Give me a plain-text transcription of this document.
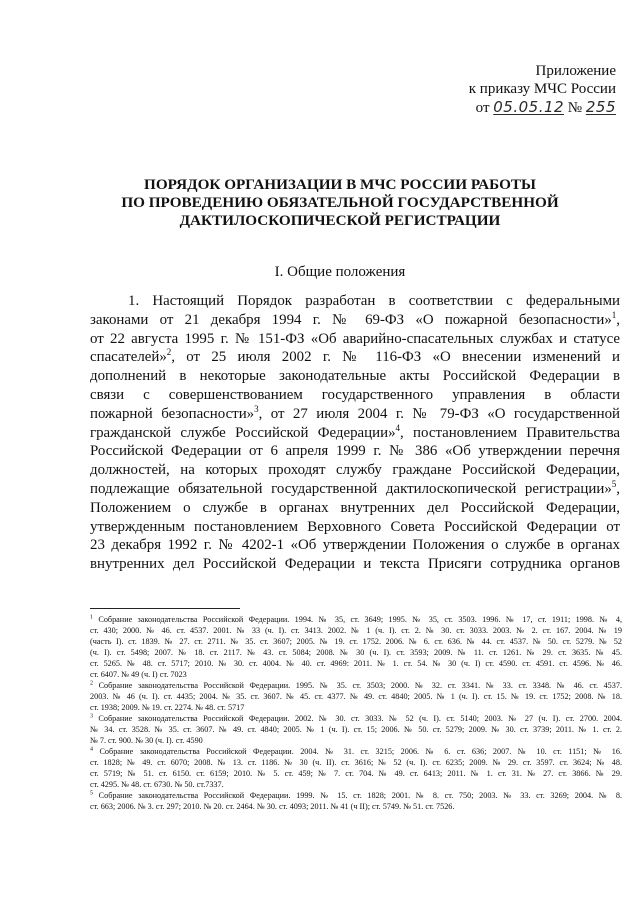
Приложение
к приказу МЧС России
от 05.05.12 № 255
ПОРЯДОК ОРГАНИЗАЦИИ В МЧС РОССИИ РАБОТЫ
ПО ПРОВЕДЕНИЮ ОБЯЗАТЕЛЬНОЙ ГОСУДАРСТВЕННОЙ
ДАКТИЛОСКОПИЧЕСКОЙ РЕГИСТРАЦИИ
I. Общие положения
1. Настоящий Порядок разработан в соответствии с федеральными
законами от 21 декабря 1994 г. № 69-ФЗ «О пожарной безопасности»$^1$,
от 22 августа 1995 г. № 151-ФЗ «Об аварийно-спасательных службах и статусе
спасателей»$^2$, от 25 июля 2002 г. № 116-ФЗ «О внесении изменений и
дополнений в некоторые законодательные акты Российской Федерации в
связи с совершенствованием государственного управления в области
пожарной безопасности»$^3$, от 27 июля 2004 г. № 79-ФЗ «О государственной
гражданской службе Российской Федерации»$^4$, постановлением Правительства
Российской Федерации от 6 апреля 1999 г. № 386 «Об утверждении перечня
должностей, на которых проходят службу граждане Российской Федерации,
подлежащие обязательной государственной дактилоскопической регистрации»$^5$,
Положением о службе в органах внутренних дел Российской Федерации,
утвержденным постановлением Верховного Совета Российской Федерации от
23 декабря 1992 г. № 4202-1 «Об утверждении Положения о службе в органах
внутренних дел Российской Федерации и текста Присяги сотрудника органов
$^1$ Собрание законодательства Российской Федерации. 1994. № 35, ст. 3649; 1995. № 35, ст. 3503. 1996. № 17, ст. 1911; 1998. № 4,
ст. 430; 2000. № 46. ст. 4537. 2001. № 33 (ч. I). ст. 3413. 2002. № 1 (ч. I). ст. 2. № 30. ст. 3033. 2003. № 2. ст. 167. 2004. № 19
(часть I). ст. 1839. № 27. ст. 2711. № 35. ст. 3607; 2005. № 19. ст. 1752. 2006. № 6. ст. 636. № 44. ст. 4537. № 50. ст. 5279. № 52
(ч. I). ст. 5498; 2007. № 18. ст. 2117. № 43. ст. 5084; 2008. № 30 (ч. I). ст. 3593; 2009. № 11. ст. 1261. № 29. ст. 3635. № 45.
ст. 5265. № 48. ст. 5717; 2010. № 30. ст. 4004. № 40. ст. 4969: 2011. № 1. ст. 54. № 30 (ч. I) ст. 4590. ст. 4591. ст. 4596. № 46.
ст. 6407. № 49 (ч. I) ст. 7023
$^2$ Собрание законодательства Российской Федерации. 1995. № 35. ст. 3503; 2000. № 32. ст. 3341. № 33. ст. 3348. № 46. ст. 4537.
2003. № 46 (ч. I). ст. 4435; 2004. № 35. ст. 3607. № 45. ст. 4377. № 49. ст. 4840; 2005. № 1 (ч. I). ст. 15. № 19. ст. 1752; 2008. № 18.
ст. 1938; 2009. № 19. ст. 2274. № 48. ст. 5717
$^3$ Собрание законодательства Российской Федерации. 2002. № 30. ст. 3033. № 52 (ч. I). ст. 5140; 2003. № 27 (ч. I). ст. 2700. 2004.
№ 34. ст. 3528. № 35. ст. 3607. № 49. ст. 4840; 2005. № 1 (ч. I). ст. 15; 2006. № 50. ст. 5279; 2009. № 30. ст. 3739; 2011. № 1. ст. 2.
№ 7. ст. 900. № 30 (ч. I). ст. 4590
$^4$ Собрание законодательства Российской Федерации. 2004. № 31. ст. 3215; 2006. № 6. ст. 636; 2007. № 10. ст. 1151; № 16.
ст. 1828; № 49. ст. 6070; 2008. № 13. ст. 1186. № 30 (ч. II). ст. 3616; № 52 (ч. I). ст. 6235; 2009. № 29. ст. 3597. ст. 3624; № 48.
ст. 5719; № 51. ст. 6150. ст. 6159; 2010. № 5. ст. 459; № 7. ст. 704. № 49. ст. 6413; 2011. № 1. ст. 31. № 27. ст. 3866. № 29.
ст. 4295. № 48. ст. 6730. № 50. ст.7337.
$^5$ Собрание законодательства Российской Федерации. 1999. № 15. ст. 1828; 2001. № 8. ст. 750; 2003. № 33. ст. 3269; 2004. № 8.
ст. 663; 2006. № 3. ст. 297; 2010. № 20. ст. 2464. № 30. ст. 4093; 2011. № 41 (ч II); ст. 5749. № 51. ст. 7526.
